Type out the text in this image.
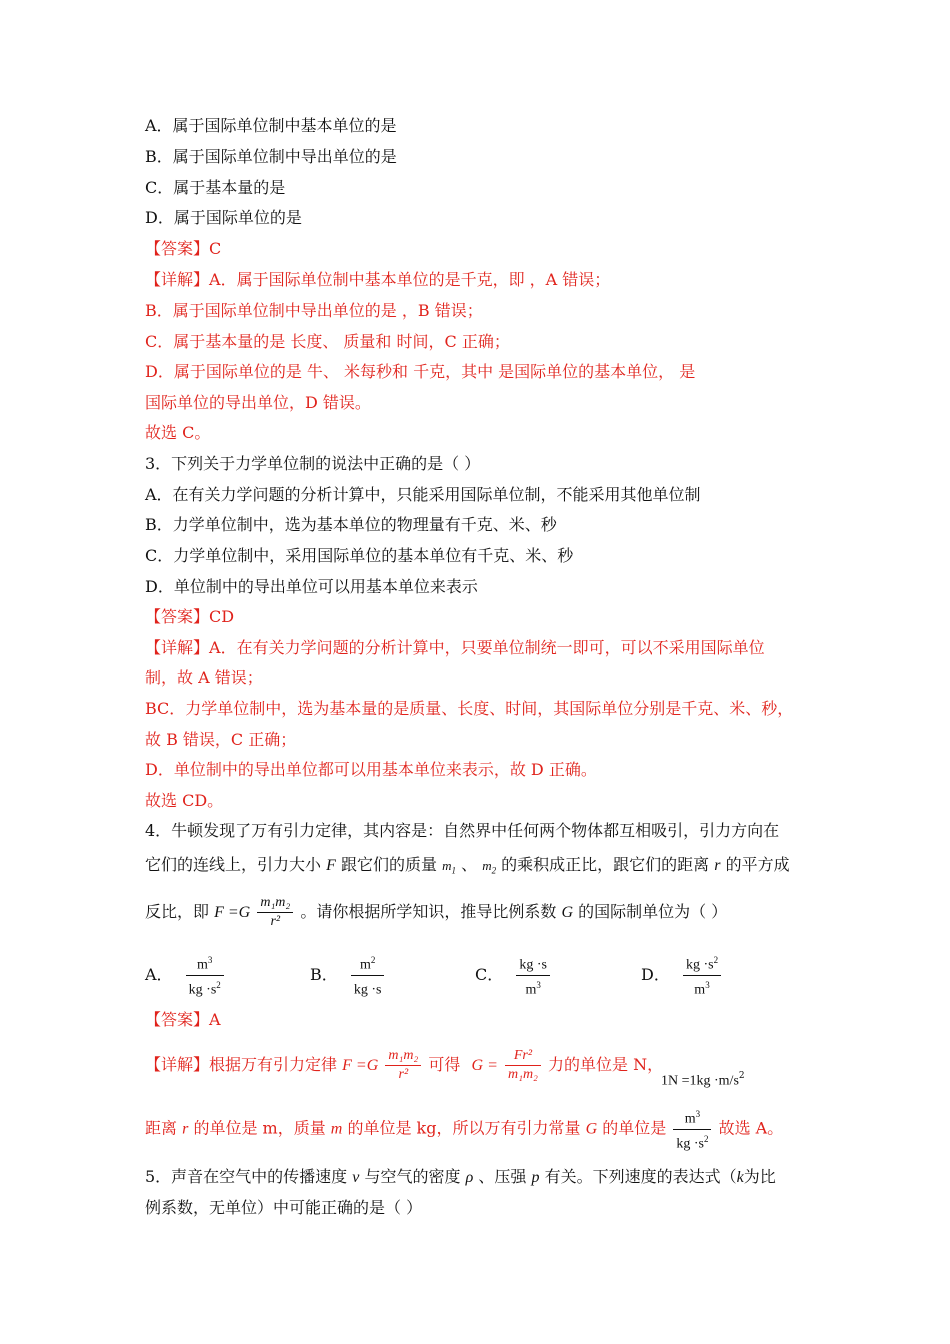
A．属于国际单位制中基本单位的是
B．属于国际单位制中导出单位的是
C．属于基本量的是
D．属于国际单位的是
【答案】C
【详解】A．属于国际单位制中基本单位的是千克，即 ，A 错误；
B．属于国际单位制中导出单位的是 ，B 错误；
C．属于基本量的是 长度、 质量和 时间，C 正确；
D．属于国际单位的是 牛、 米每秒和 千克，其中 是国际单位的基本单位， 是
国际单位的导出单位，D 错误。
故选 C。
3．下列关于力学单位制的说法中正确的是（ ）
A．在有关力学问题的分析计算中，只能采用国际单位制，不能采用其他单位制
B．力学单位制中，选为基本单位的物理量有千克、米、秒
C．力学单位制中，采用国际单位的基本单位有千克、米、秒
D．单位制中的导出单位可以用基本单位来表示
【答案】CD
【详解】A．在有关力学问题的分析计算中，只要单位制统一即可，可以不采用国际单位
制，故 A 错误；
BC．力学单位制中，选为基本量的是质量、长度、时间，其国际单位分别是千克、米、秒，
故 B 错误，C 正确；
D．单位制中的导出单位都可以用基本单位来表示，故 D 正确。
故选 CD。
4．牛顿发现了万有引力定律，其内容是：自然界中任何两个物体都互相吸引，引力方向在
它们的连线上，引力大小 F 跟它们的质量 $m_1$ 、 $m_2$ 的乘积成正比，跟它们的距离 r 的平方成
反比，即 $F =G \frac{\text{m₁m₂}}{\text{r²}}$ 。请你根据所学知识，推导比例系数 G 的国际制单位为（ ）
A． $\frac{m^3}{kg \cdot s^2}$	B． $\frac{m^2}{kg \cdot s}$	C． $\frac{kg \cdot s}{m^3}$	D． $\frac{kg \cdot s^2}{m^3}$
【答案】A
【详解】根据万有引力定律 $F =G \frac{\text{m₁m₂}}{\text{r²}}$ 可得 $G = \frac{\text{Fr²}}{\text{m₁m₂}}$ 力的单位是 N，
$1N =1kg \cdot m/s^2$
距离 r 的单位是 m，质量 m 的单位是 kg，所以万有引力常量 G 的单位是 $\frac{m^3}{kg \cdot s^2}$ 故选 A。
5．声音在空气中的传播速度 v 与空气的密度 ρ 、压强 p 有关。下列速度的表达式（k为比
例系数，无单位）中可能正确的是（ ）
